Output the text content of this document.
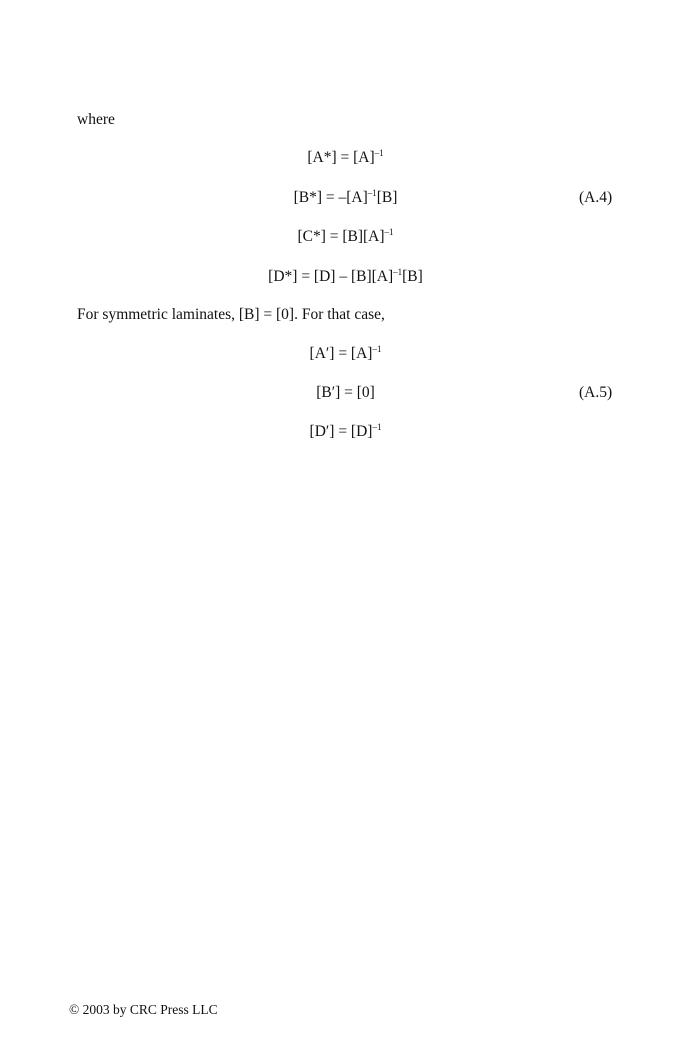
where
$[A*] = [A]^{-1}$
$[B*] = -[A]^{-1}[B]$	(A.4)
$[C*] = [B][A]^{-1}$
$[D*] = [D] - [B][A]^{-1}[B]$
For symmetric laminates, [B] = [0]. For that case,
$[A'] = [A]^{-1}$
[B′] = [0]	(A.5)
$[D'] = [D]^{-1}$
© 2003 by CRC Press LLC
